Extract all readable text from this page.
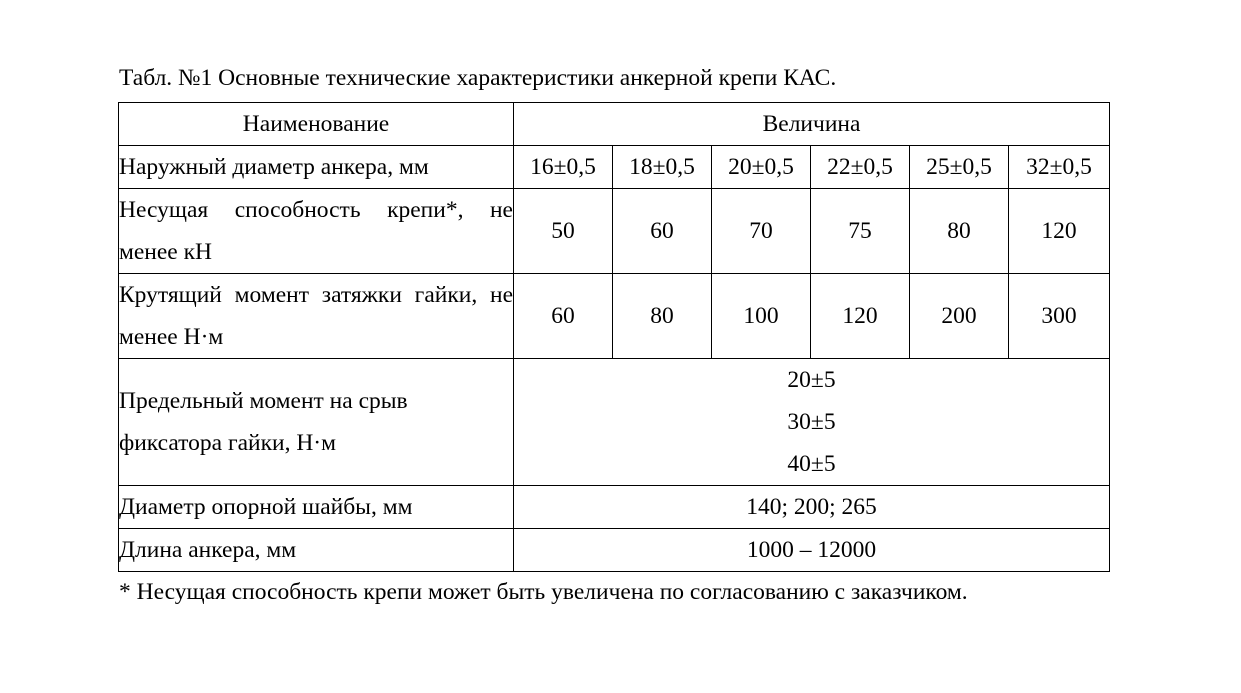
Табл. №1 Основные технические характеристики анкерной крепи КАС.
Наименование	Величина					
Наружный диаметр анкера, мм	16±0,5	18±0,5	20±0,5	22±0,5	25±0,5	32±0,5
Несущая способность крепи*, не менее кН	50	60	70	75	80	120
Крутящий момент затяжки гайки, не менее Н·м	60	80	100	120	200	300
Предельный момент на срыв фиксатора гайки, Н·м	20±5
30±5
40±5					

Диаметр опорной шайбы, мм	140; 200; 265					
Длина анкера, мм	1000 – 12000					
* Несущая способность крепи может быть увеличена по согласованию с заказчиком.
